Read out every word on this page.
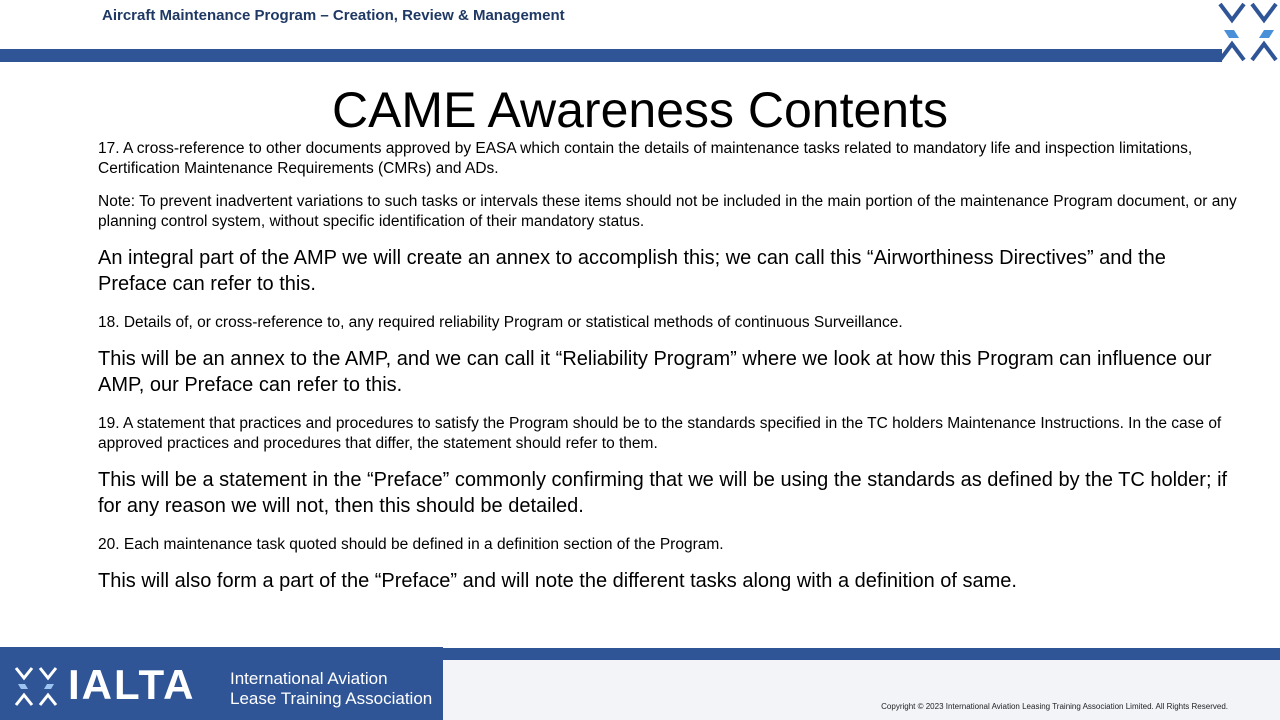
Aircraft Maintenance Program – Creation, Review & Management
CAME Awareness Contents

17. A cross-reference to other documents approved by EASA which contain the details of maintenance tasks related to mandatory life and inspection limitations, Certification Maintenance Requirements (CMRs) and ADs.

Note: To prevent inadvertent variations to such tasks or intervals these items should not be included in the main portion of the maintenance Program document, or any planning control system, without specific identification of their mandatory status.

An integral part of the AMP we will create an annex to accomplish this; we can call this “Airworthiness Directives” and the Preface can refer to this.

18. Details of, or cross-reference to, any required reliability Program or statistical methods of continuous Surveillance.

This will be an annex to the AMP, and we can call it “Reliability Program” where we look at how this Program can influence our AMP, our Preface can refer to this.

19. A statement that practices and procedures to satisfy the Program should be to the standards specified in the TC holders Maintenance Instructions. In the case of approved practices and procedures that differ, the statement should refer to them.

This will be a statement in the “Preface” commonly confirming that we will be using the standards as defined by the TC holder; if for any reason we will not, then this should be detailed.

20. Each maintenance task quoted should be defined in a definition section of the Program.

This will also form a part of the “Preface” and will note the different tasks along with a definition of same.

IALTA International Aviation
Lease Training Association	Copyright © 2023 International Aviation Leasing Training Association Limited. All Rights Reserved.
